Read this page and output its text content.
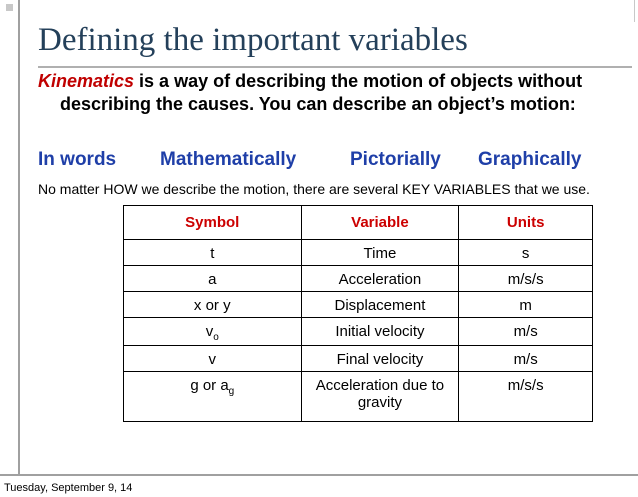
Defining the important variables
Kinematics is a way of describing the motion of objects without describing the causes. You can describe an object’s motion:
In words Mathematically	Pictorially Graphically
No matter HOW we describe the motion, there are several KEY VARIABLES that we use.
Symbol	Variable	Units
t	Time	s
a	Acceleration	m/s/s
x or y	Displacement	m
$v_o$	Initial velocity	m/s
v	Final velocity	m/s
g or $a_g$	Acceleration due to gravity	m/s/s
Tuesday, September 9, 14
